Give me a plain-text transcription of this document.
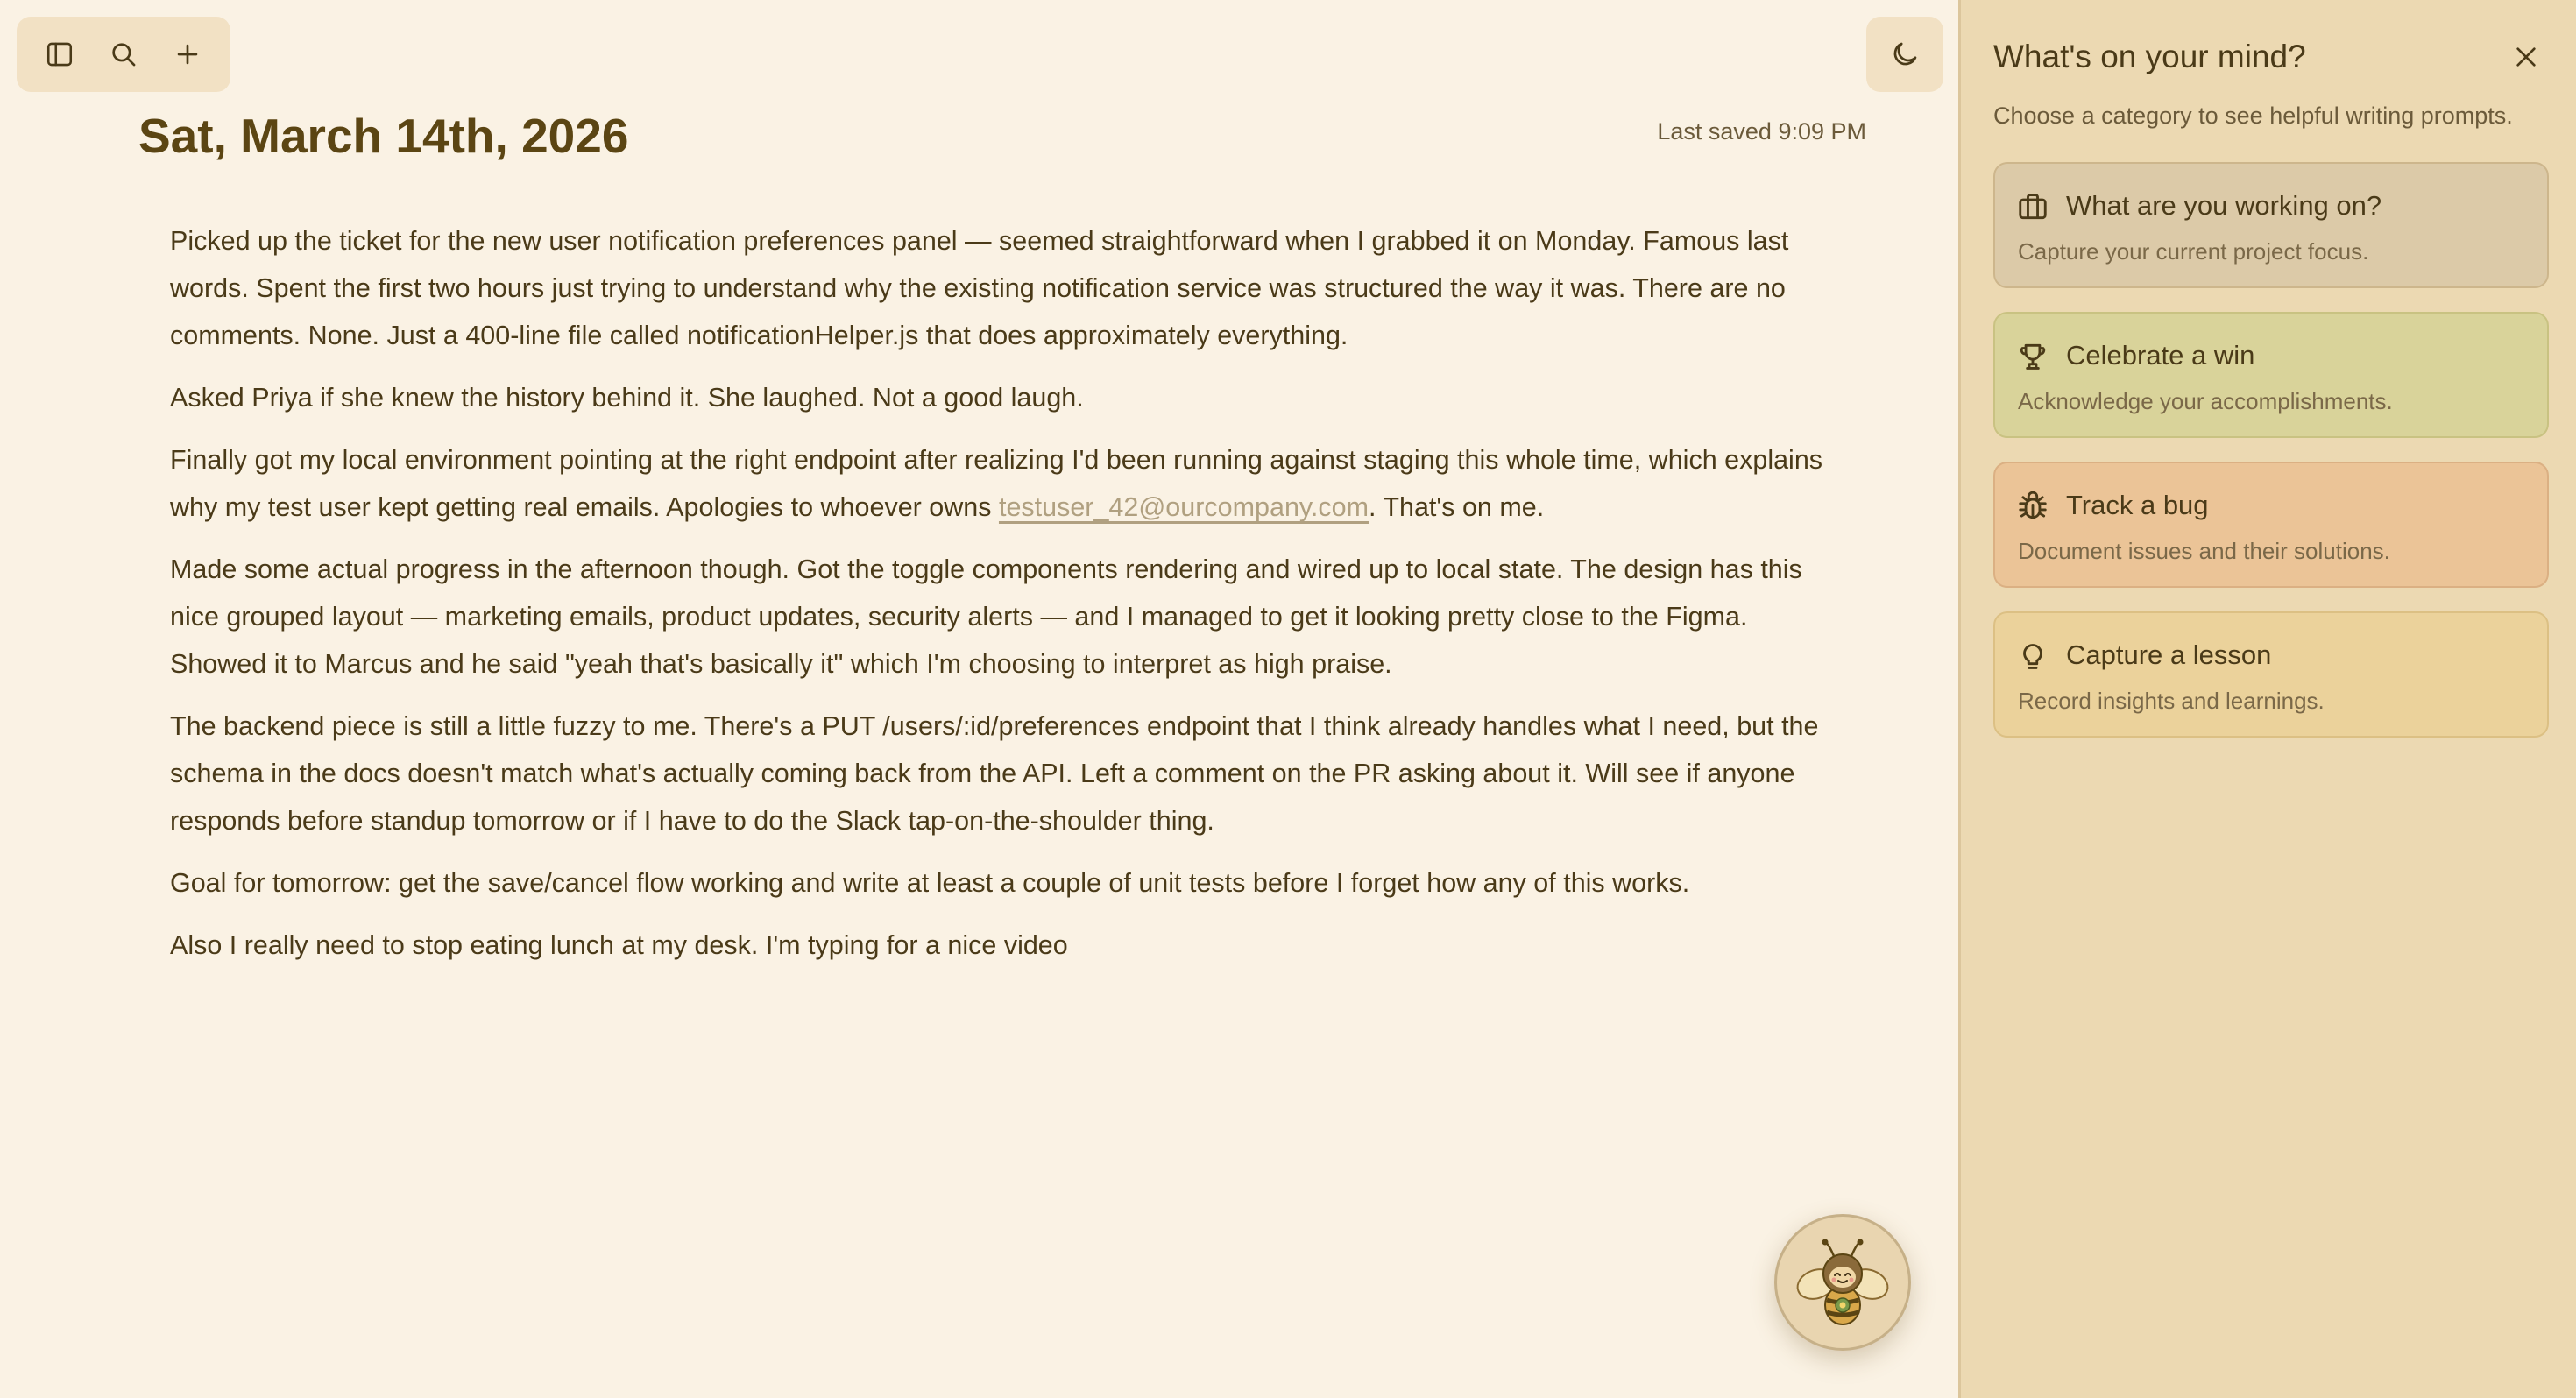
Sat, March 14th, 2026	Last saved 9:09 PM

Picked up the ticket for the new user notification preferences panel — seemed straightforward when I grabbed it on Monday. Famous last words. Spent the first two hours just trying to understand why the existing notification service was structured the way it was. There are no comments. None. Just a 400-line file called notificationHelper.js that does approximately everything.

Asked Priya if she knew the history behind it. She laughed. Not a good laugh.

Finally got my local environment pointing at the right endpoint after realizing I'd been running against staging this whole time, which explains why my test user kept getting real emails. Apologies to whoever owns testuser_42@ourcompany.com. That's on me.

Made some actual progress in the afternoon though. Got the toggle components rendering and wired up to local state. The design has this nice grouped layout — marketing emails, product updates, security alerts — and I managed to get it looking pretty close to the Figma. Showed it to Marcus and he said "yeah that's basically it" which I'm choosing to interpret as high praise.

The backend piece is still a little fuzzy to me. There's a PUT /users/:id/preferences endpoint that I think already handles what I need, but the schema in the docs doesn't match what's actually coming back from the API. Left a comment on the PR asking about it. Will see if anyone responds before standup tomorrow or if I have to do the Slack tap-on-the-shoulder thing.

Goal for tomorrow: get the save/cancel flow working and write at least a couple of unit tests before I forget how any of this works.

Also I really need to stop eating lunch at my desk. I'm typing for a nice video

What's on your mind?
Choose a category to see helpful writing prompts.
What are you working on?
Capture your current project focus.
Celebrate a win
Acknowledge your accomplishments.
Track a bug
Document issues and their solutions.
Capture a lesson
Record insights and learnings.
